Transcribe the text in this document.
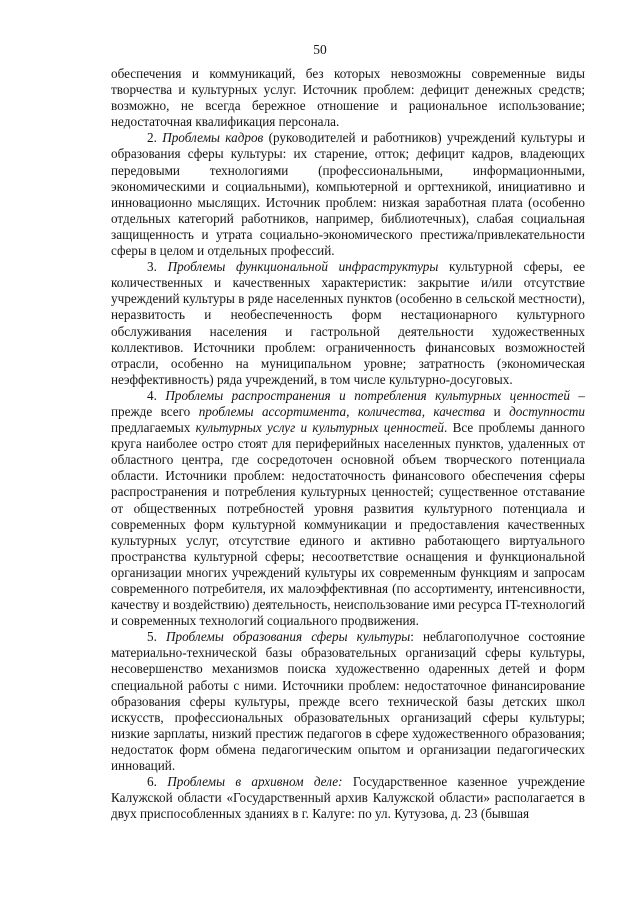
50

обеспечения и коммуникаций, без которых невозможны современные виды творчества и культурных услуг. Источник проблем: дефицит денежных средств; возможно, не всегда бережное отношение и рациональное использование; недостаточная квалификация персонала.

2. Проблемы кадров (руководителей и работников) учреждений культуры и образования сферы культуры: их старение, отток; дефицит кадров, владеющих передовыми технологиями (профессиональными, информационными, экономическими и социальными), компьютерной и оргтехникой, инициативно и инновационно мыслящих. Источник проблем: низкая заработная плата (особенно отдельных категорий работников, например, библиотечных), слабая социальная защищенность и утрата социально-экономического престижа/привлекательности сферы в целом и отдельных профессий.

3. Проблемы функциональной инфраструктуры культурной сферы, ее количественных и качественных характеристик: закрытие и/или отсутствие учреждений культуры в ряде населенных пунктов (особенно в сельской местности), неразвитость и необеспеченность форм нестационарного культурного обслуживания населения и гастрольной деятельности художественных коллективов. Источники проблем: ограниченность финансовых возможностей отрасли, особенно на муниципальном уровне; затратность (экономическая неэффективность) ряда учреждений, в том числе культурно-досуговых.

4. Проблемы распространения и потребления культурных ценностей – прежде всего проблемы ассортимента, количества, качества и доступности предлагаемых культурных услуг и культурных ценностей. Все проблемы данного круга наиболее остро стоят для периферийных населенных пунктов, удаленных от областного центра, где сосредоточен основной объем творческого потенциала области. Источники проблем: недостаточность финансового обеспечения сферы распространения и потребления культурных ценностей; существенное отставание от общественных потребностей уровня развития культурного потенциала и современных форм культурной коммуникации и предоставления качественных культурных услуг, отсутствие единого и активно работающего виртуального пространства культурной сферы; несоответствие оснащения и функциональной организации многих учреждений культуры их современным функциям и запросам современного потребителя, их малоэффективная (по ассортименту, интенсивности, качеству и воздействию) деятельность, неиспользование ими ресурса IT-технологий и современных технологий социального продвижения.

5. Проблемы образования сферы культуры: неблагополучное состояние материально-технической базы образовательных организаций сферы культуры, несовершенство механизмов поиска художественно одаренных детей и форм специальной работы с ними. Источники проблем: недостаточное финансирование образования сферы культуры, прежде всего технической базы детских школ искусств, профессиональных образовательных организаций сферы культуры; низкие зарплаты, низкий престиж педагогов в сфере художественного образования; недостаток форм обмена педагогическим опытом и организации педагогических инноваций.

6. Проблемы в архивном деле: Государственное казенное учреждение Калужской области «Государственный архив Калужской области» располагается в двух приспособленных зданиях в г. Калуге: по ул. Кутузова, д. 23 (бывшая
